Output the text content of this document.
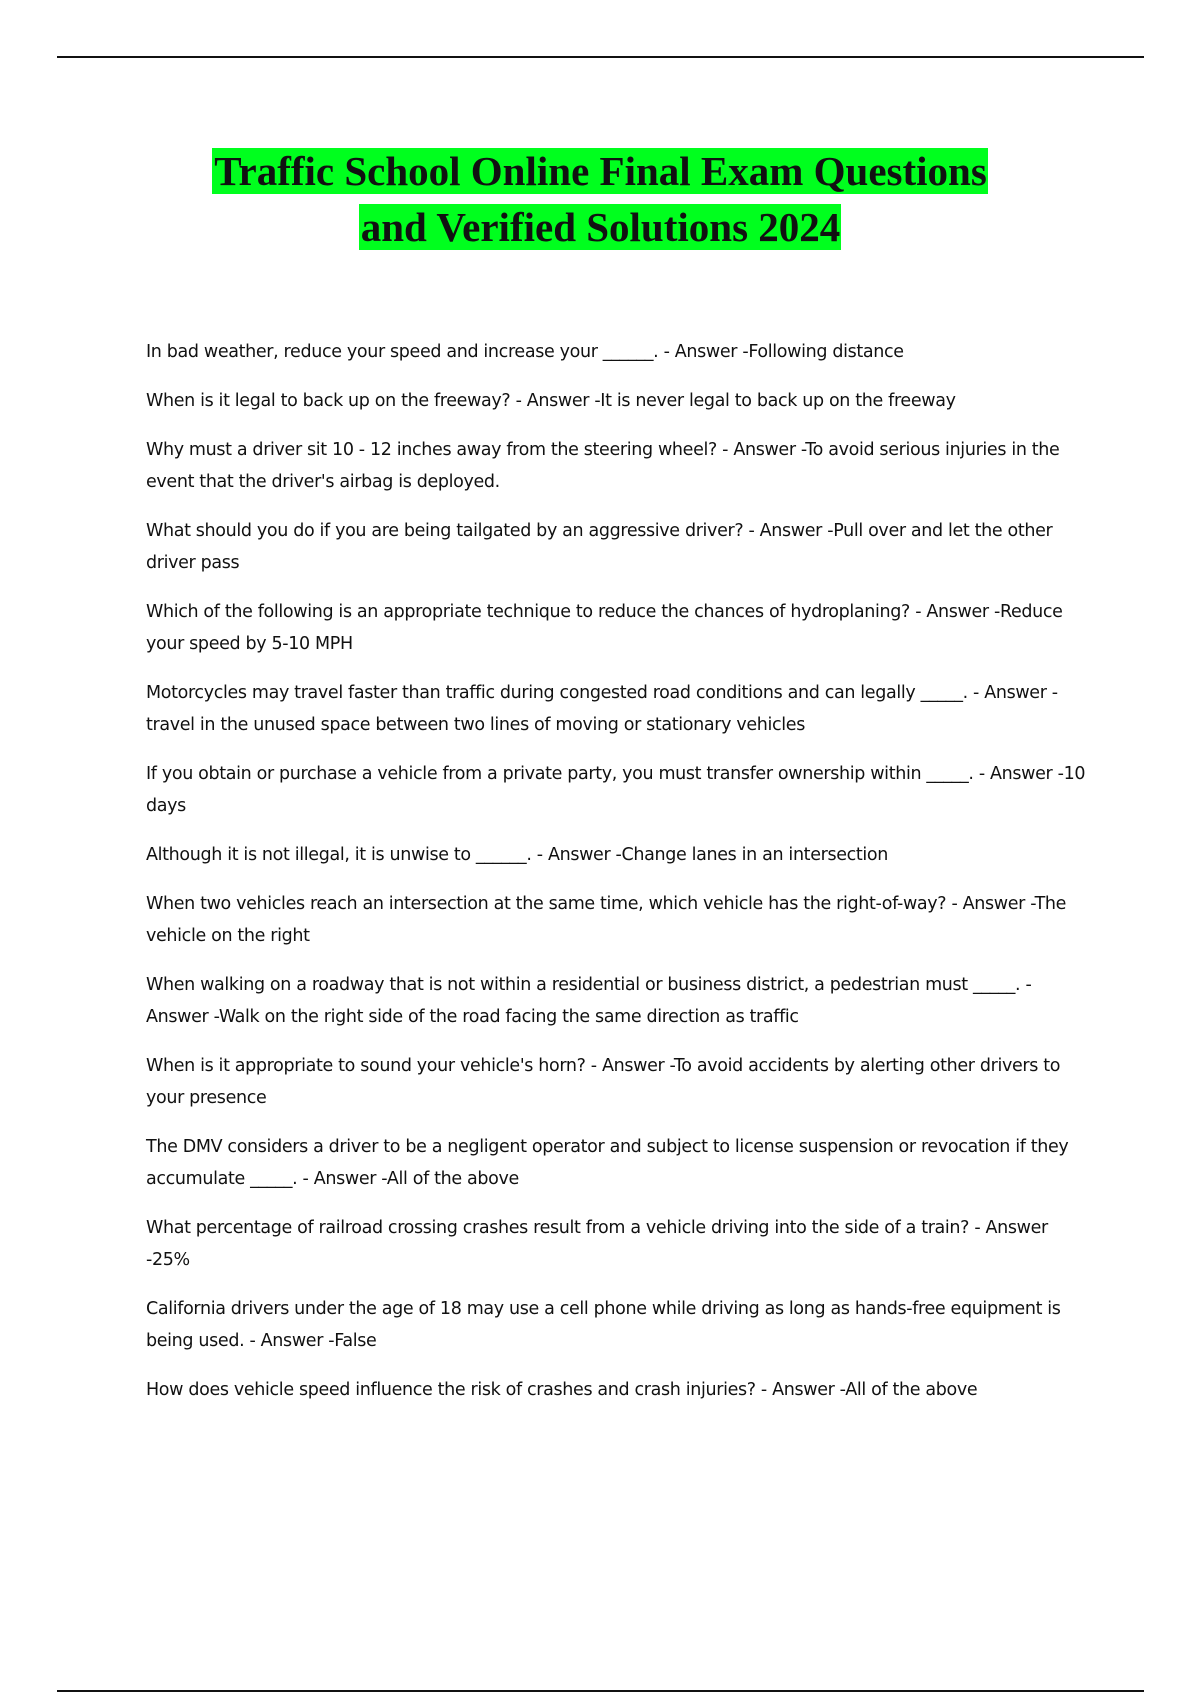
Traffic School Online Final Exam Questions
and Verified Solutions 2024
In bad weather, reduce your speed and increase your ______. - Answer -Following distance
When is it legal to back up on the freeway? - Answer -It is never legal to back up on the freeway
Why must a driver sit 10 - 12 inches away from the steering wheel? - Answer -To avoid serious injuries in the event that the driver's airbag is deployed.
What should you do if you are being tailgated by an aggressive driver? - Answer -Pull over and let the other driver pass
Which of the following is an appropriate technique to reduce the chances of hydroplaning? - Answer -Reduce your speed by 5-10 MPH
Motorcycles may travel faster than traffic during congested road conditions and can legally _____. - Answer -travel in the unused space between two lines of moving or stationary vehicles
If you obtain or purchase a vehicle from a private party, you must transfer ownership within _____. - Answer -10 days
Although it is not illegal, it is unwise to ______. - Answer -Change lanes in an intersection
When two vehicles reach an intersection at the same time, which vehicle has the right-of-way? - Answer -The vehicle on the right
When walking on a roadway that is not within a residential or business district, a pedestrian must _____. - Answer -Walk on the right side of the road facing the same direction as traffic
When is it appropriate to sound your vehicle's horn? - Answer -To avoid accidents by alerting other drivers to your presence
The DMV considers a driver to be a negligent operator and subject to license suspension or revocation if they accumulate _____. - Answer -All of the above
What percentage of railroad crossing crashes result from a vehicle driving into the side of a train? - Answer -25%
California drivers under the age of 18 may use a cell phone while driving as long as hands-free equipment is being used. - Answer -False
How does vehicle speed influence the risk of crashes and crash injuries? - Answer -All of the above
